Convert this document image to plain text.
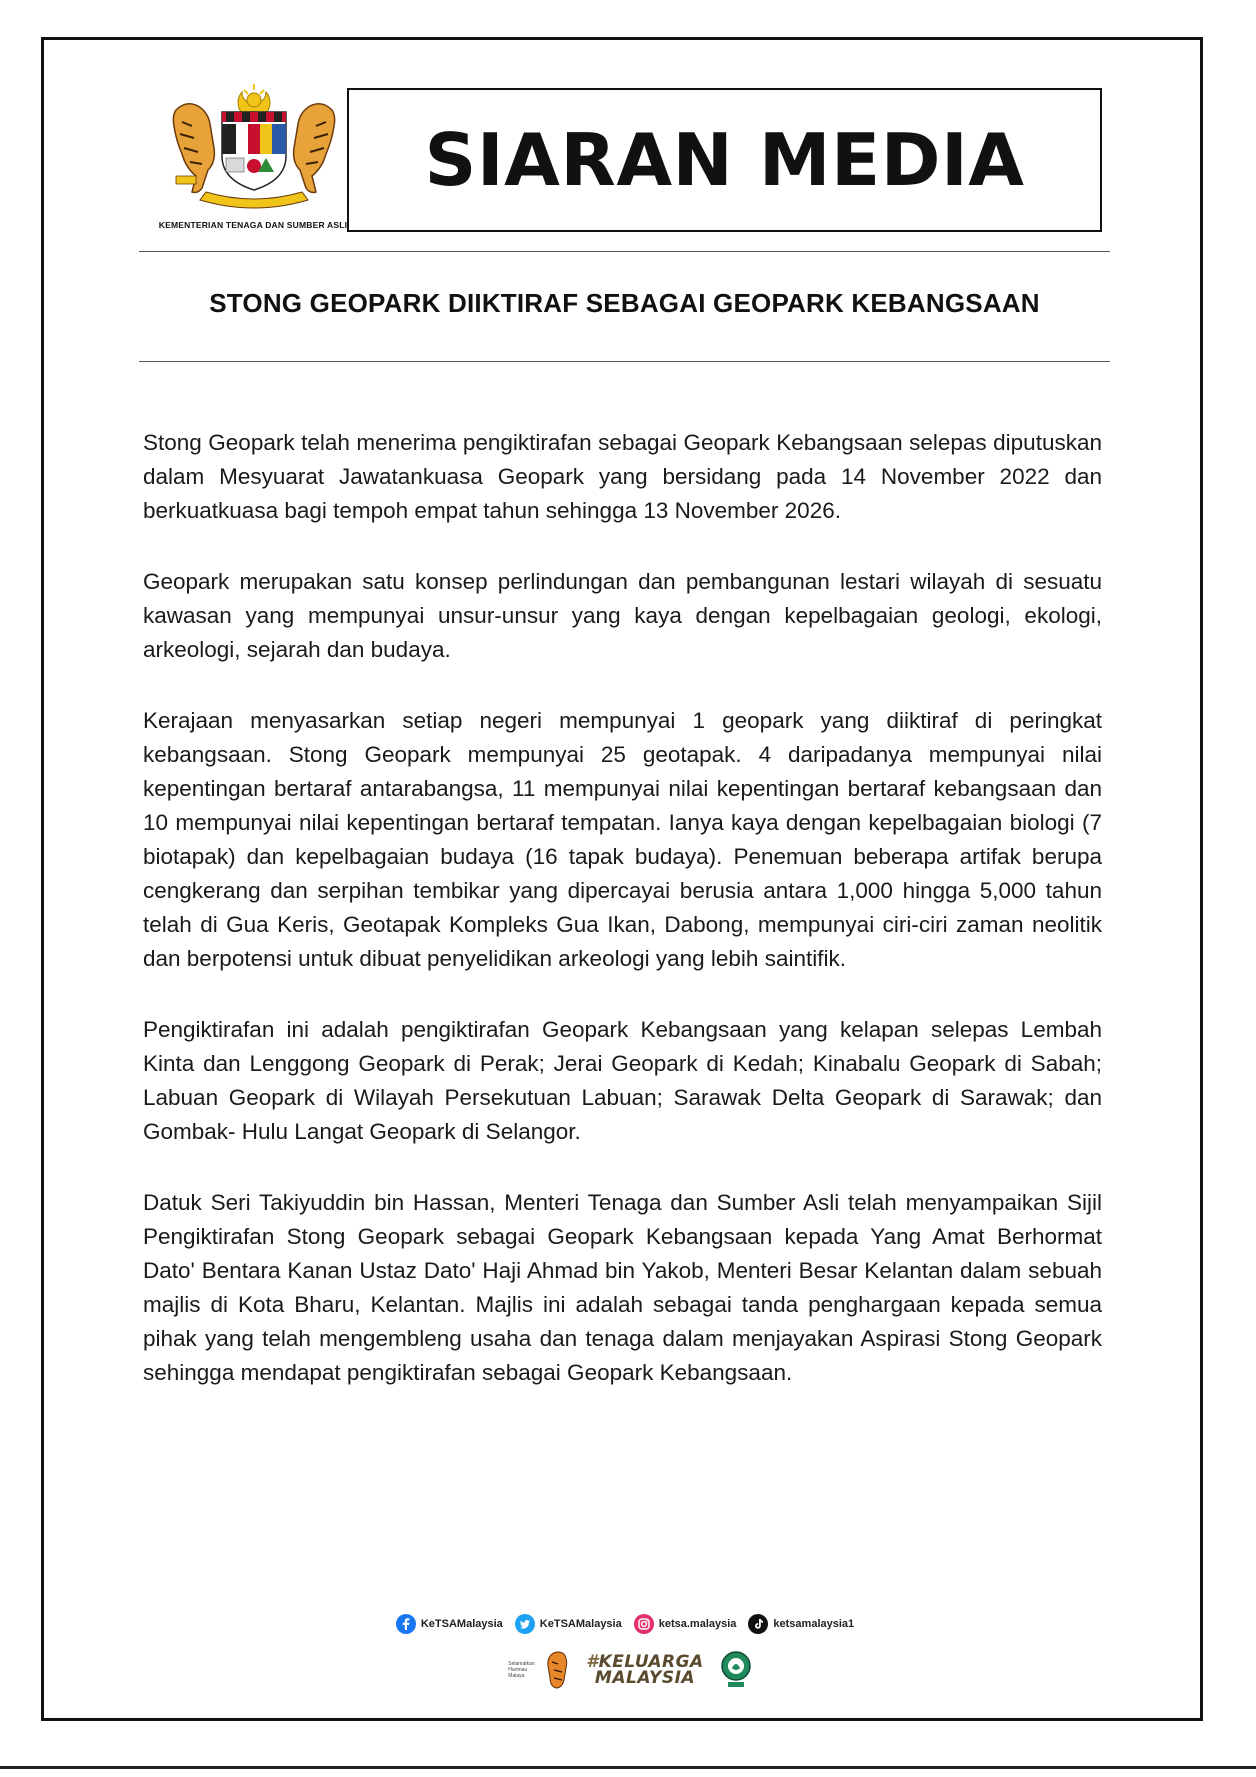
KEMENTERIAN TENAGA DAN SUMBER ASLI
SIARAN MEDIA
STONG GEOPARK DIIKTIRAF SEBAGAI GEOPARK KEBANGSAAN

Stong Geopark telah menerima pengiktirafan sebagai Geopark Kebangsaan selepas diputuskan dalam Mesyuarat Jawatankuasa Geopark yang bersidang pada 14 November 2022 dan berkuatkuasa bagi tempoh empat tahun sehingga 13 November 2026.

Geopark merupakan satu konsep perlindungan dan pembangunan lestari wilayah di sesuatu kawasan yang mempunyai unsur-unsur yang kaya dengan kepelbagaian geologi, ekologi, arkeologi, sejarah dan budaya.

Kerajaan menyasarkan setiap negeri mempunyai 1 geopark yang diiktiraf di peringkat kebangsaan. Stong Geopark mempunyai 25 geotapak. 4 daripadanya mempunyai nilai kepentingan bertaraf antarabangsa, 11 mempunyai nilai kepentingan bertaraf kebangsaan dan 10 mempunyai nilai kepentingan bertaraf tempatan. Ianya kaya dengan kepelbagaian biologi (7 biotapak) dan kepelbagaian budaya (16 tapak budaya). Penemuan beberapa artifak berupa cengkerang dan serpihan tembikar yang dipercayai berusia antara 1,000 hingga 5,000 tahun telah di Gua Keris, Geotapak Kompleks Gua Ikan, Dabong, mempunyai ciri-ciri zaman neolitik dan berpotensi untuk dibuat penyelidikan arkeologi yang lebih saintifik.

Pengiktirafan ini adalah pengiktirafan Geopark Kebangsaan yang kelapan selepas Lembah Kinta dan Lenggong Geopark di Perak; Jerai Geopark di Kedah; Kinabalu Geopark di Sabah; Labuan Geopark di Wilayah Persekutuan Labuan; Sarawak Delta Geopark di Sarawak; dan Gombak- Hulu Langat Geopark di Selangor.

Datuk Seri Takiyuddin bin Hassan, Menteri Tenaga dan Sumber Asli telah menyampaikan Sijil Pengiktirafan Stong Geopark sebagai Geopark Kebangsaan kepada Yang Amat Berhormat Dato' Bentara Kanan Ustaz Dato' Haji Ahmad bin Yakob, Menteri Besar Kelantan dalam sebuah majlis di Kota Bharu, Kelantan. Majlis ini adalah sebagai tanda penghargaan kepada semua pihak yang telah mengembleng usaha dan tenaga dalam menjayakan Aspirasi Stong Geopark sehingga mendapat pengiktirafan sebagai Geopark Kebangsaan.

KeTSAMalaysia	KeTSAMalaysia	ketsa.malaysia	ketsamalaysia1
Selamatkan Harimau Malaya
#KELUARGA
MALAYSIA
